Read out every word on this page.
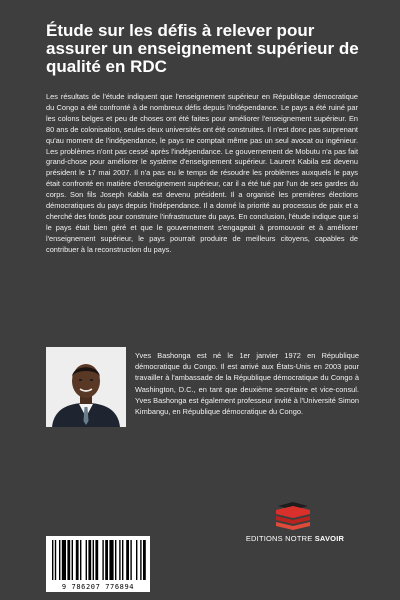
Étude sur les défis à relever pour assurer un enseignement supérieur de qualité en RDC

Les résultats de l'étude indiquent que l'enseignement supérieur en République démocratique du Congo a été confronté à de nombreux défis depuis l'indépendance. Le pays a été ruiné par les colons belges et peu de choses ont été faites pour améliorer l'enseignement supérieur. En 80 ans de colonisation, seules deux universités ont été construites. Il n'est donc pas surprenant qu'au moment de l'indépendance, le pays ne comptait même pas un seul avocat ou ingénieur. Les problèmes n'ont pas cessé après l'indépendance. Le gouvernement de Mobutu n'a pas fait grand-chose pour améliorer le système d'enseignement supérieur. Laurent Kabila est devenu président le 17 mai 2007. Il n'a pas eu le temps de résoudre les problèmes auxquels le pays était confronté en matière d'enseignement supérieur, car il a été tué par l'un de ses gardes du corps. Son fils Joseph Kabila est devenu président. Il a organisé les premières élections démocratiques du pays depuis l'indépendance. Il a donné la priorité au processus de paix et a cherché des fonds pour construire l'infrastructure du pays. En conclusion, l'étude indique que si le pays était bien géré et que le gouvernement s'engageait à promouvoir et à améliorer l'enseignement supérieur, le pays pourrait produire de meilleurs citoyens, capables de contribuer à la reconstruction du pays.

Yves Bashonga est né le 1er janvier 1972 en République démocratique du Congo. Il est arrivé aux États-Unis en 2003 pour travailler à l'ambassade de la République démocratique du Congo à Washington, D.C., en tant que deuxième secrétaire et vice-consul. Yves Bashonga est également professeur invité à l'Université Simon Kimbangu, en République démocratique du Congo.

EDITIONS NOTRE SAVOIR
9 786207 776894
